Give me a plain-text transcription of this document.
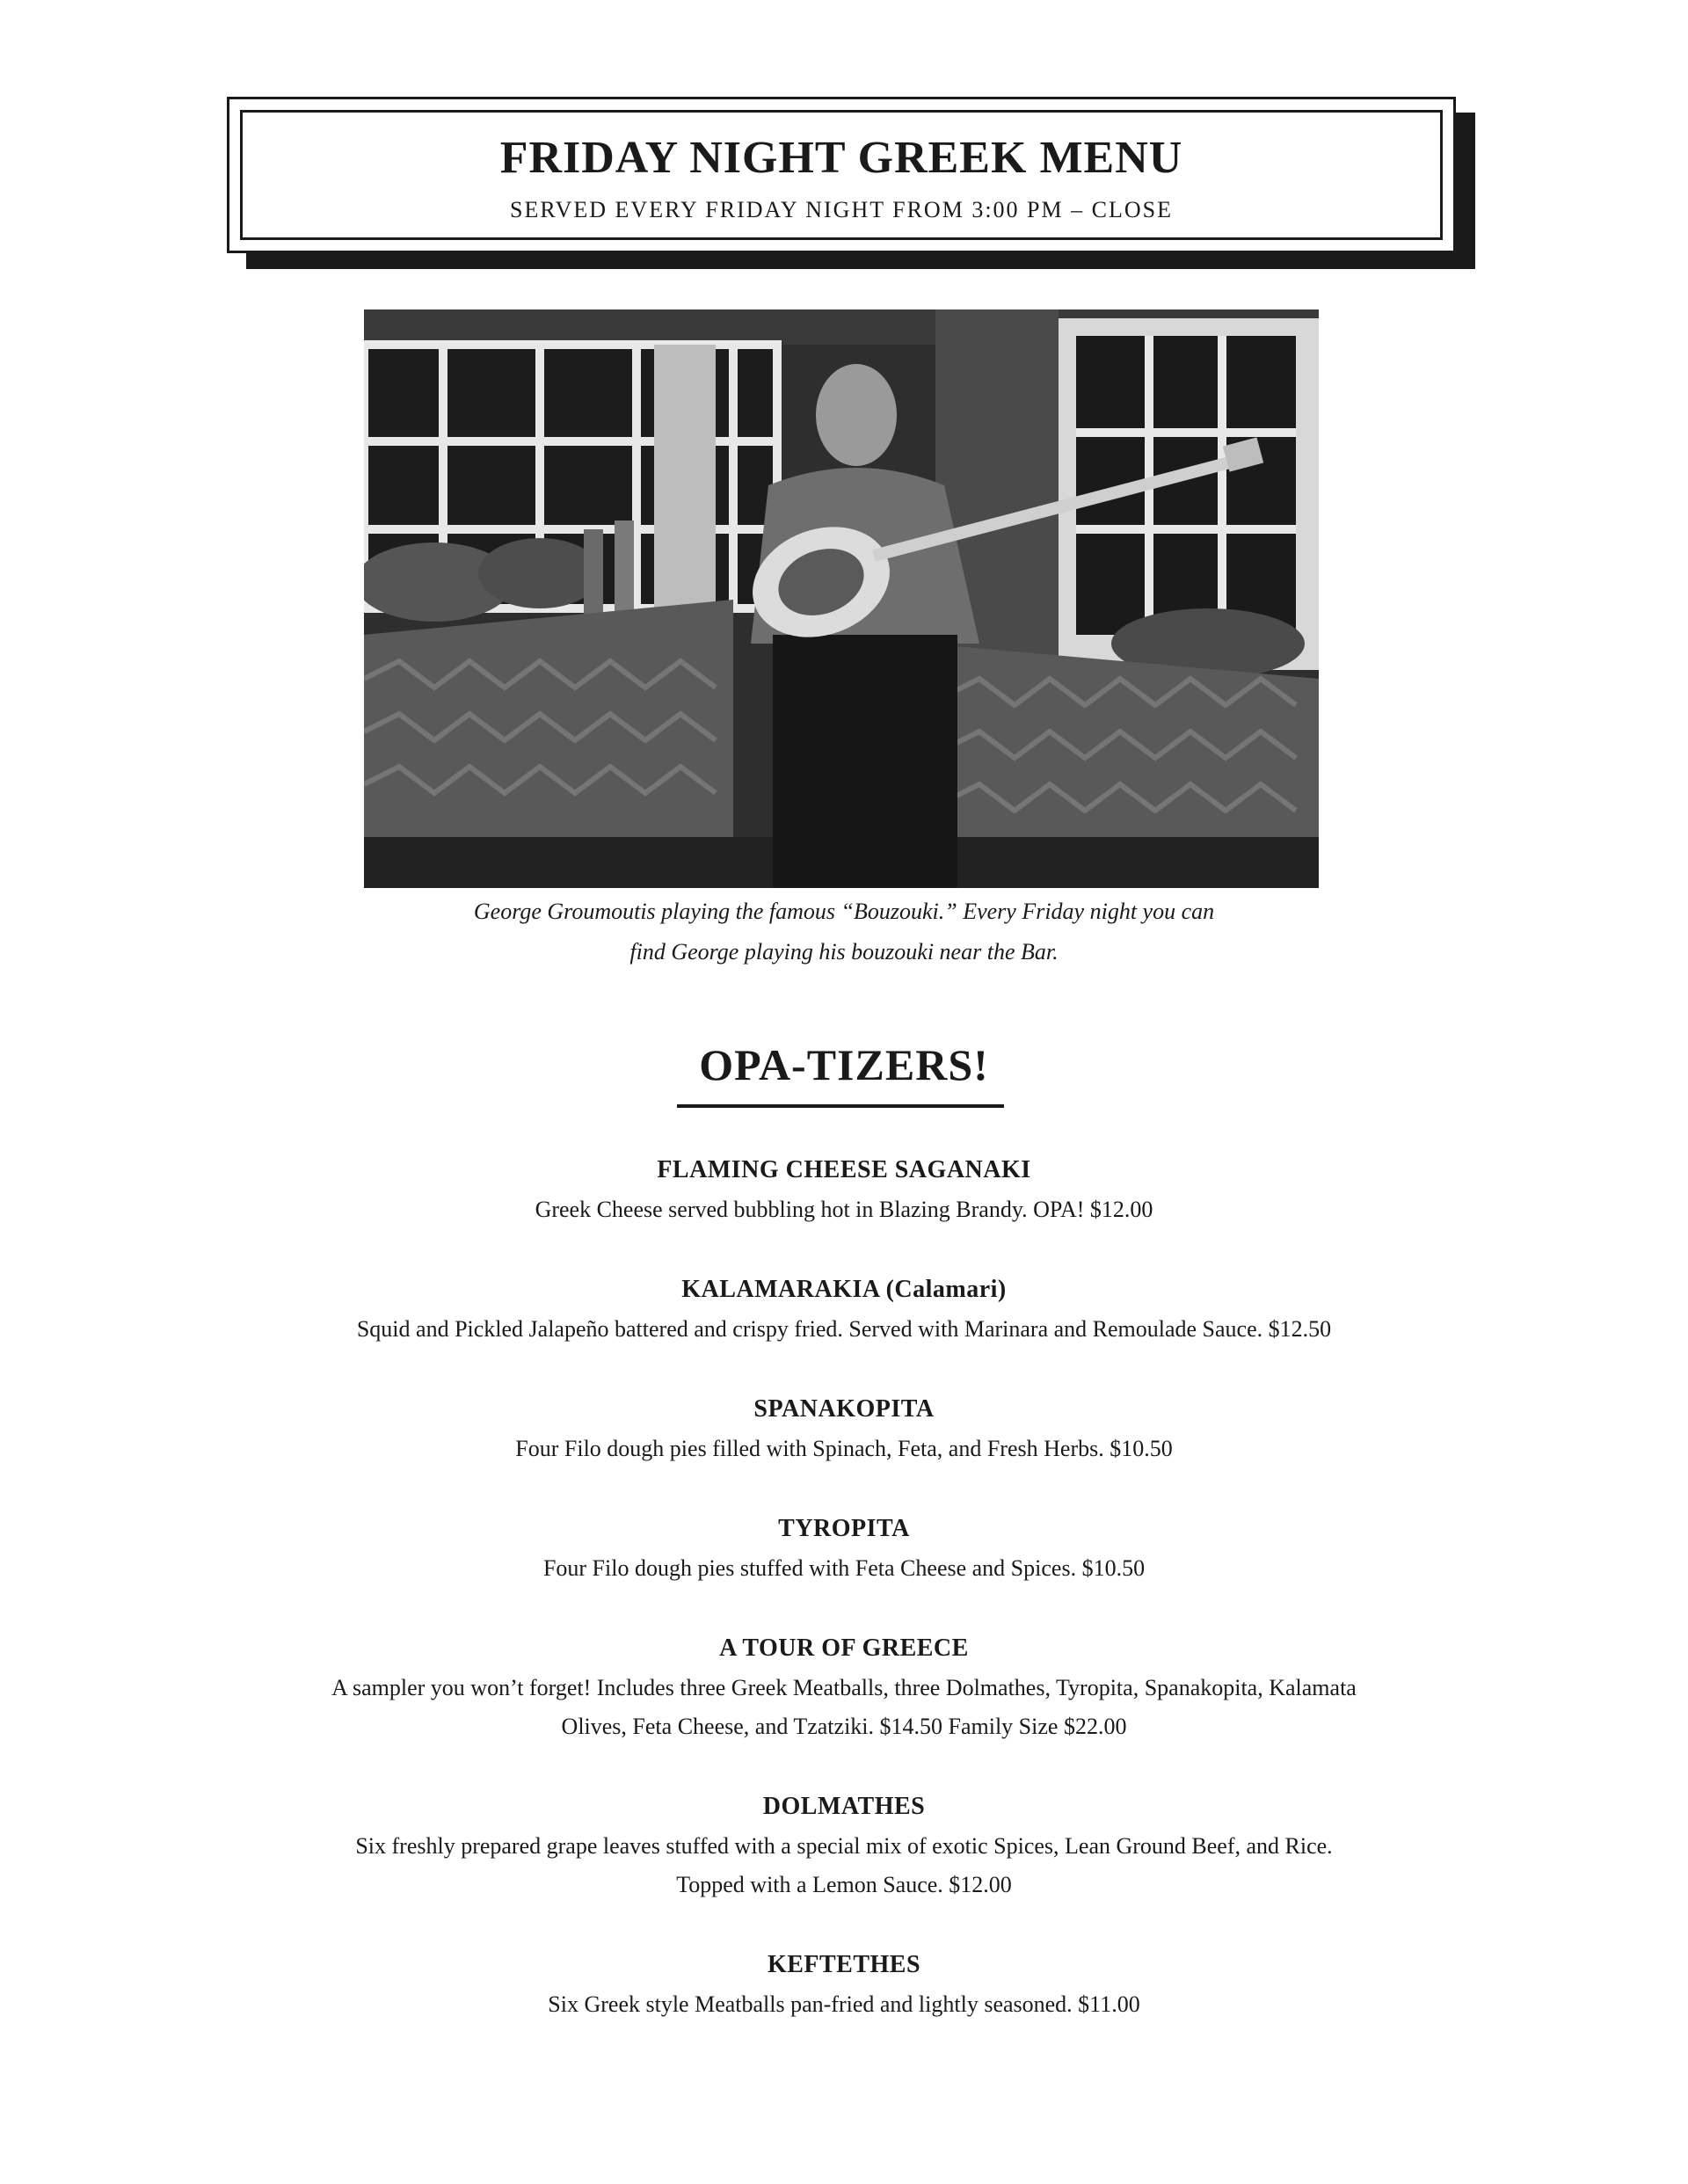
FRIDAY NIGHT GREEK MENU
SERVED EVERY FRIDAY NIGHT FROM 3:00 PM – CLOSE
George Groumoutis playing the famous “Bouzouki.” Every Friday night you can
find George playing his bouzouki near the Bar.
OPA-TIZERS!
FLAMING CHEESE SAGANAKI
Greek Cheese served bubbling hot in Blazing Brandy. OPA! $12.00
KALAMARAKIA (Calamari)
Squid and Pickled Jalapeño battered and crispy fried. Served with Marinara and Remoulade Sauce. $12.50
SPANAKOPITA
Four Filo dough pies filled with Spinach, Feta, and Fresh Herbs. $10.50
TYROPITA
Four Filo dough pies stuffed with Feta Cheese and Spices. $10.50
A TOUR OF GREECE
A sampler you won’t forget! Includes three Greek Meatballs, three Dolmathes, Tyropita, Spanakopita, Kalamata
Olives, Feta Cheese, and Tzatziki. $14.50 Family Size $22.00
DOLMATHES
Six freshly prepared grape leaves stuffed with a special mix of exotic Spices, Lean Ground Beef, and Rice.
Topped with a Lemon Sauce. $12.00
KEFTETHES
Six Greek style Meatballs pan-fried and lightly seasoned. $11.00
